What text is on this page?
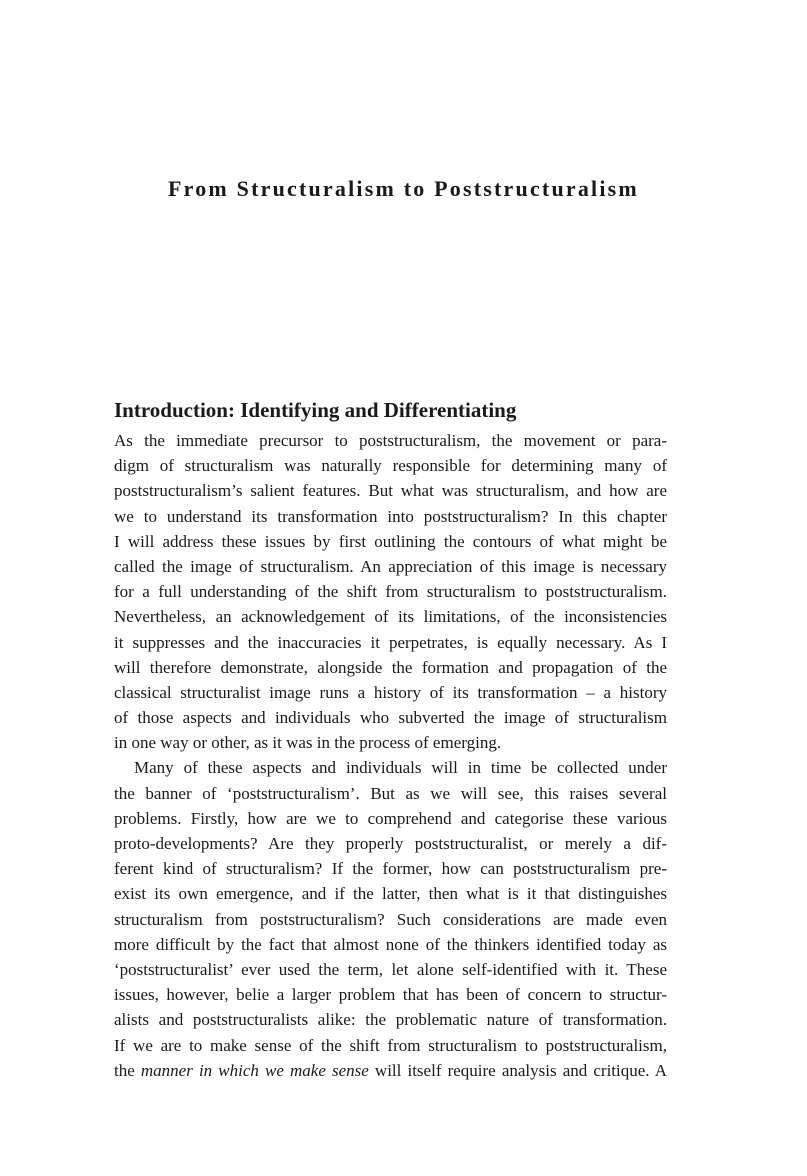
From Structuralism to Poststructuralism
Introduction: Identifying and Differentiating
As the immediate precursor to poststructuralism, the movement or para-
digm of structuralism was naturally responsible for determining many of
poststructuralism’s salient features. But what was structuralism, and how are
we to understand its transformation into poststructuralism? In this chapter
I will address these issues by first outlining the contours of what might be
called the image of structuralism. An appreciation of this image is necessary
for a full understanding of the shift from structuralism to poststructuralism.
Nevertheless, an acknowledgement of its limitations, of the inconsistencies
it suppresses and the inaccuracies it perpetrates, is equally necessary. As I
will therefore demonstrate, alongside the formation and propagation of the
classical structuralist image runs a history of its transformation – a history
of those aspects and individuals who subverted the image of structuralism
in one way or other, as it was in the process of emerging.
Many of these aspects and individuals will in time be collected under
the banner of ‘poststructuralism’. But as we will see, this raises several
problems. Firstly, how are we to comprehend and categorise these various
proto-developments? Are they properly poststructuralist, or merely a dif-
ferent kind of structuralism? If the former, how can poststructuralism pre-
exist its own emergence, and if the latter, then what is it that distinguishes
structuralism from poststructuralism? Such considerations are made even
more difficult by the fact that almost none of the thinkers identified today as
‘poststructuralist’ ever used the term, let alone self-identified with it. These
issues, however, belie a larger problem that has been of concern to structur-
alists and poststructuralists alike: the problematic nature of transformation.
If we are to make sense of the shift from structuralism to poststructuralism,
the manner in which we make sense will itself require analysis and critique. A
